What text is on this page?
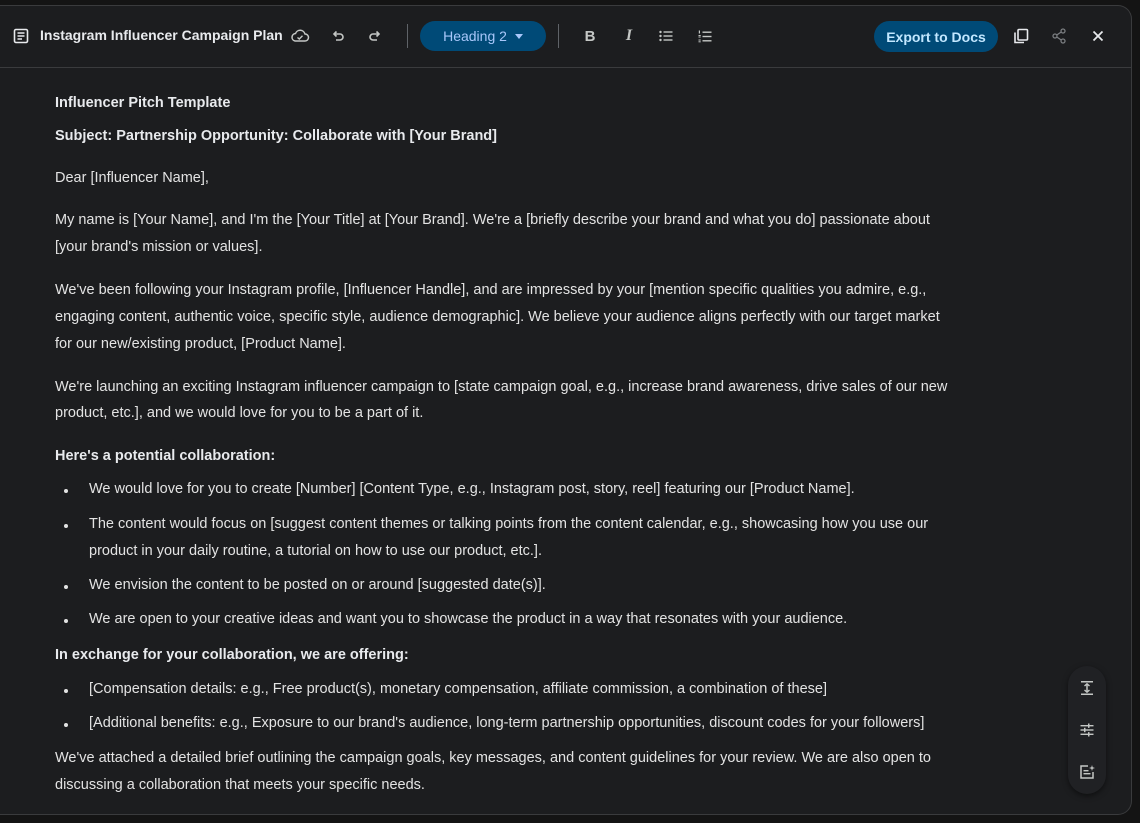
Instagram Influencer Campaign Plan	Heading 2	B I	Export to Docs
Influencer Pitch Template
Subject: Partnership Opportunity: Collaborate with [Your Brand]
Dear [Influencer Name],
My name is [Your Name], and I'm the [Your Title] at [Your Brand]. We're a [briefly describe your brand and what you do] passionate about
[your brand's mission or values].
We've been following your Instagram profile, [Influencer Handle], and are impressed by your [mention specific qualities you admire, e.g.,
engaging content, authentic voice, specific style, audience demographic]. We believe your audience aligns perfectly with our target market
for our new/existing product, [Product Name].
We're launching an exciting Instagram influencer campaign to [state campaign goal, e.g., increase brand awareness, drive sales of our new
product, etc.], and we would love for you to be a part of it.
Here's a potential collaboration:
We would love for you to create [Number] [Content Type, e.g., Instagram post, story, reel] featuring our [Product Name].
The content would focus on [suggest content themes or talking points from the content calendar, e.g., showcasing how you use our
product in your daily routine, a tutorial on how to use our product, etc.].
We envision the content to be posted on or around [suggested date(s)].
We are open to your creative ideas and want you to showcase the product in a way that resonates with your audience.
In exchange for your collaboration, we are offering:
[Compensation details: e.g., Free product(s), monetary compensation, affiliate commission, a combination of these]
[Additional benefits: e.g., Exposure to our brand's audience, long-term partnership opportunities, discount codes for your followers]
We've attached a detailed brief outlining the campaign goals, key messages, and content guidelines for your review. We are also open to
discussing a collaboration that meets your specific needs.
